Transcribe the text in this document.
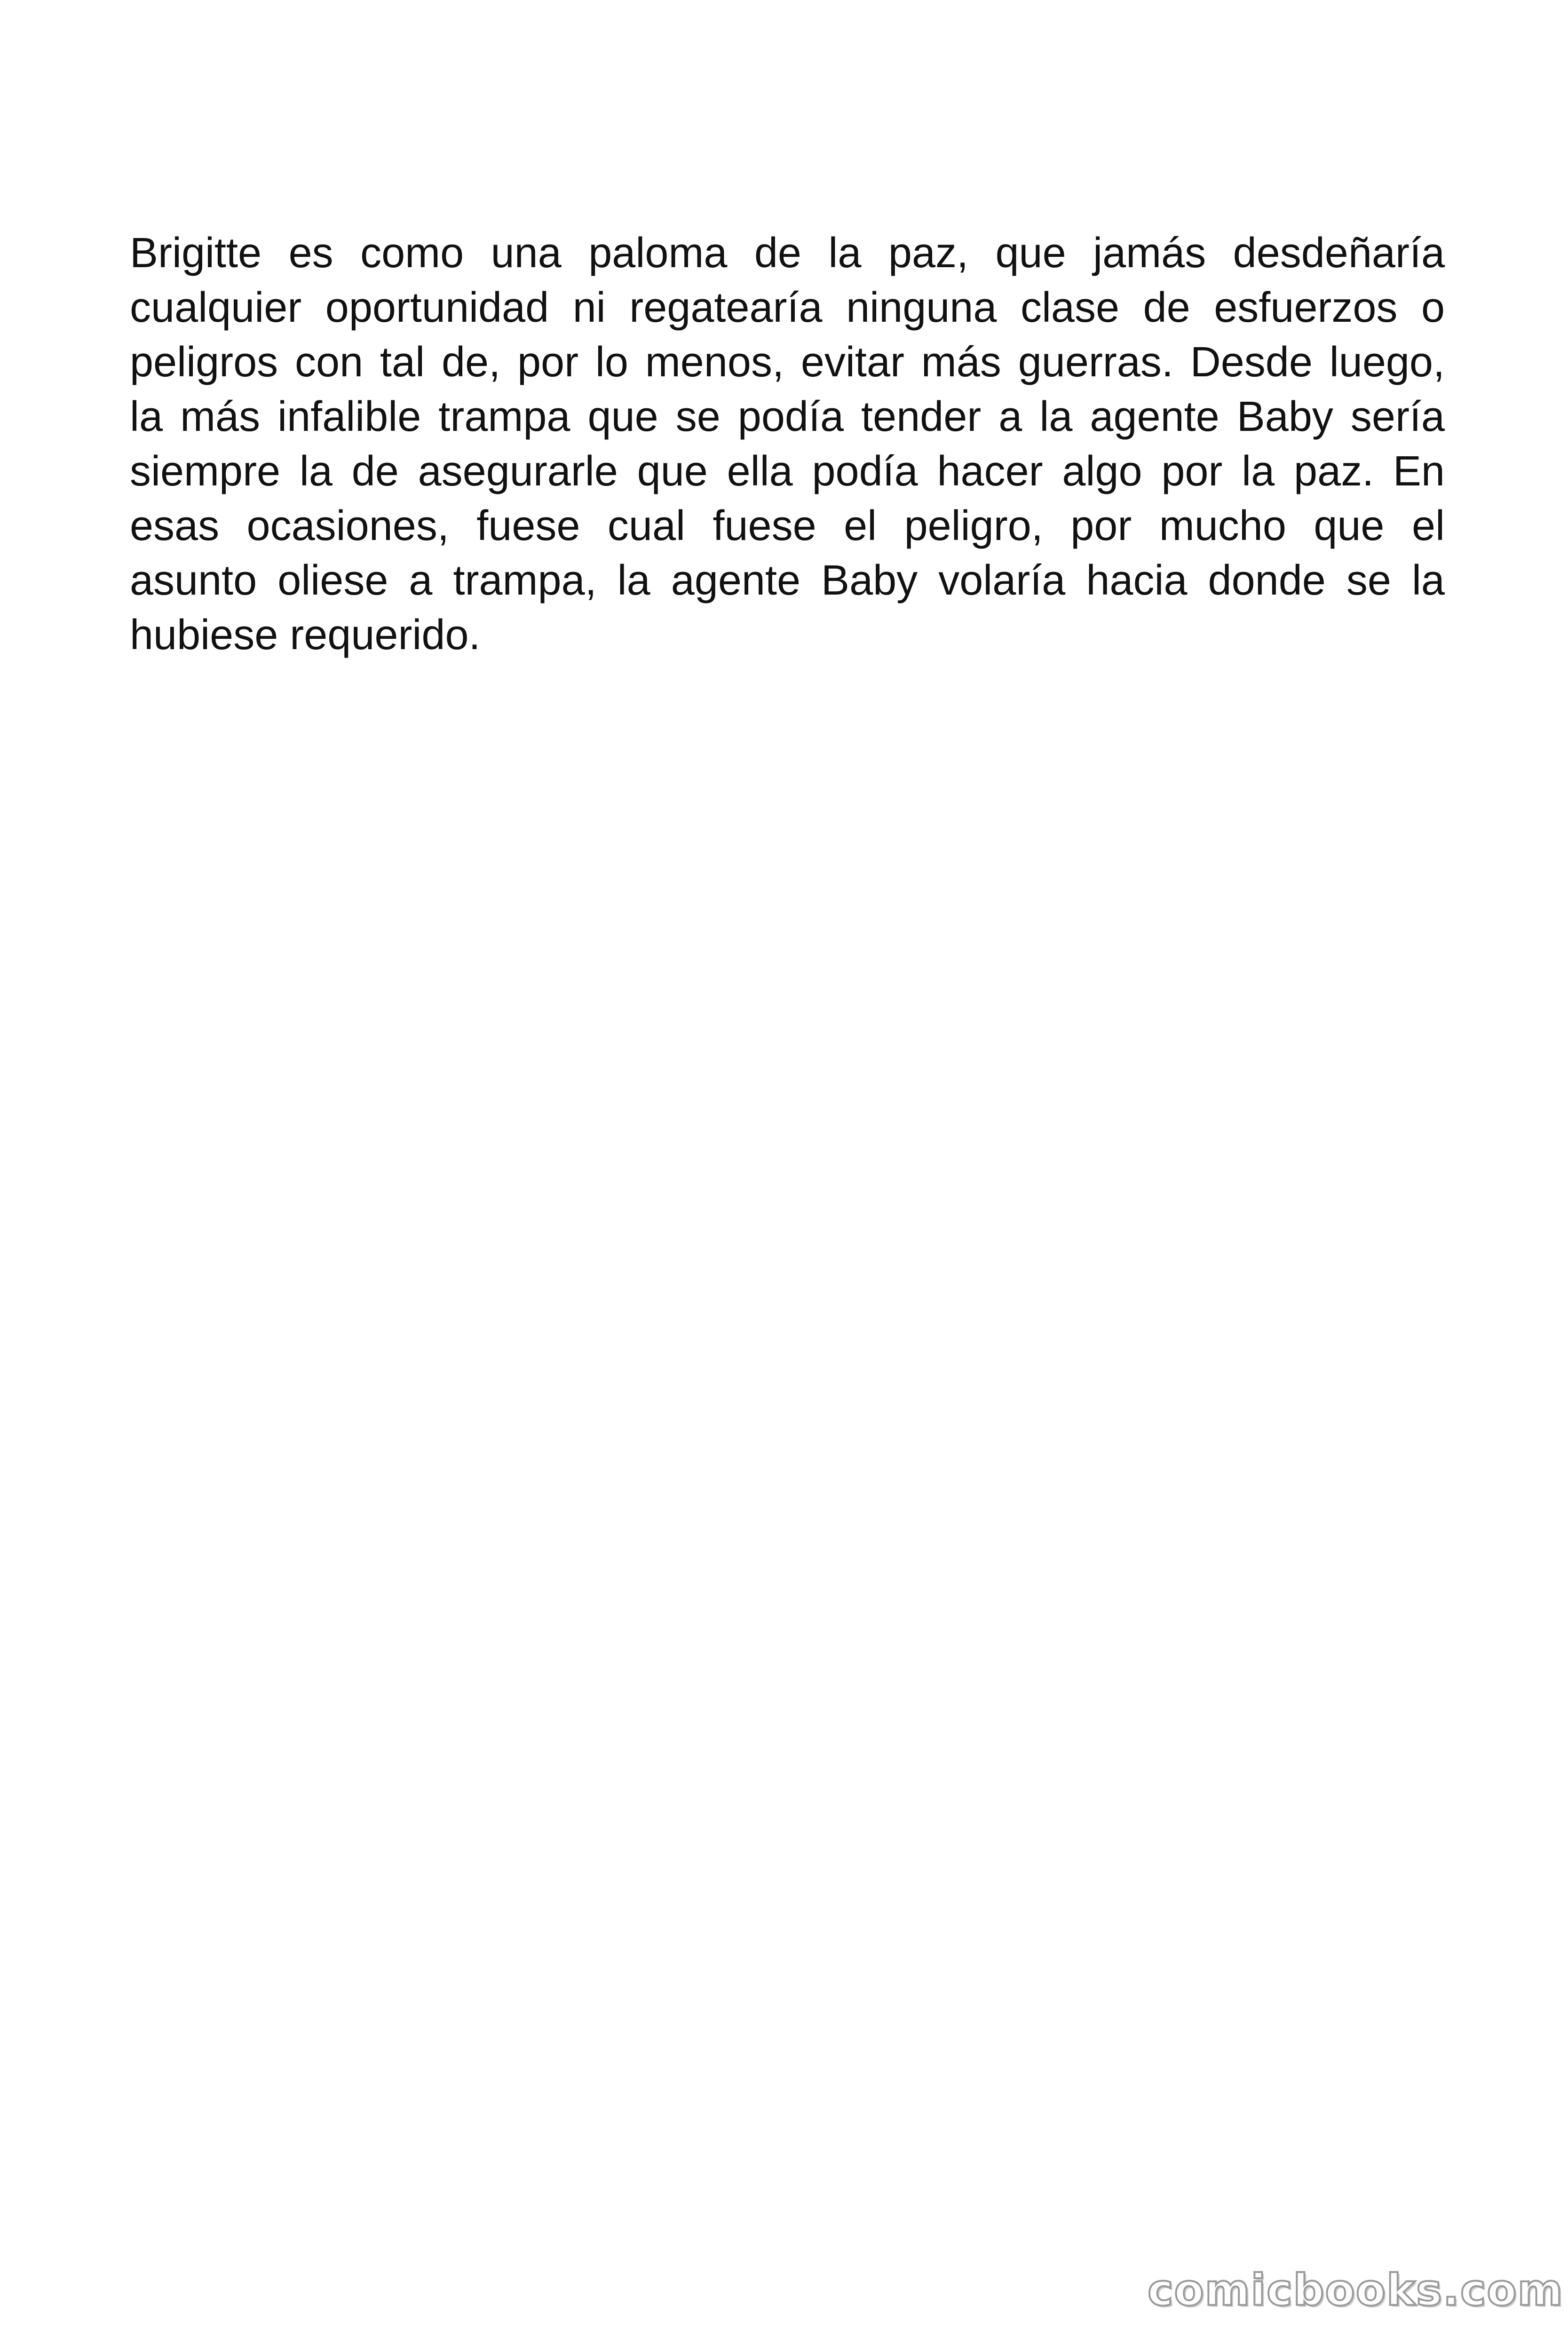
Brigitte es como una paloma de la paz, que jamás desdeñaría
cualquier oportunidad ni regatearía ninguna clase de esfuerzos o
peligros con tal de, por lo menos, evitar más guerras. Desde luego,
la más infalible trampa que se podía tender a la agente Baby sería
siempre la de asegurarle que ella podía hacer algo por la paz. En
esas ocasiones, fuese cual fuese el peligro, por mucho que el
asunto oliese a trampa, la agente Baby volaría hacia donde se la
hubiese requerido.

comicbooks.com
